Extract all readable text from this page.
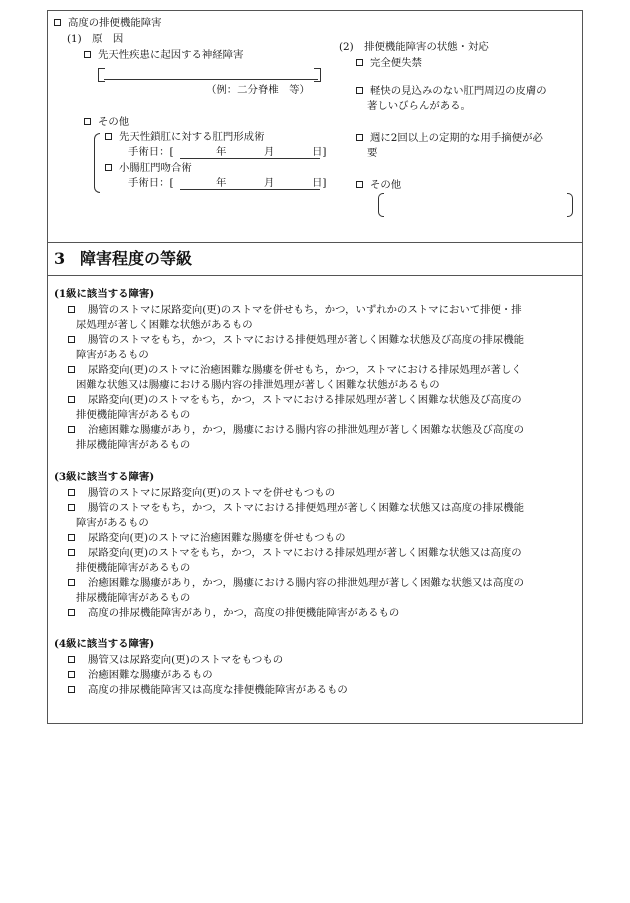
高度の排便機能障害
(1)　原　因
先天性疾患に起因する神経障害
（例：二分脊椎　等）
その他
先天性鎖肛に対する肛門形成術
手術日：[	年	月	日]
小腸肛門吻合術
手術日：[	年	月	日]
(2)　排便機能障害の状態・対応
完全便失禁
軽快の見込みのない肛門周辺の皮膚の
著しいびらんがある。
週に2回以上の定期的な用手摘便が必
要
その他
3 障害程度の等級
(1級に該当する障害)
腸管のストマに尿路変向(更)のストマを併せもち，かつ，いずれかのストマにおいて排便・排
尿処理が著しく困難な状態があるもの
腸管のストマをもち，かつ，ストマにおける排便処理が著しく困難な状態及び高度の排尿機能
障害があるもの
尿路変向(更)のストマに治癒困難な腸瘻を併せもち，かつ，ストマにおける排尿処理が著しく
困難な状態又は腸瘻における腸内容の排泄処理が著しく困難な状態があるもの
尿路変向(更)のストマをもち，かつ，ストマにおける排尿処理が著しく困難な状態及び高度の
排便機能障害があるもの
治癒困難な腸瘻があり，かつ，腸瘻における腸内容の排泄処理が著しく困難な状態及び高度の
排尿機能障害があるもの
(3級に該当する障害)
腸管のストマに尿路変向(更)のストマを併せもつもの
腸管のストマをもち，かつ，ストマにおける排便処理が著しく困難な状態又は高度の排尿機能
障害があるもの
尿路変向(更)のストマに治癒困難な腸瘻を併せもつもの
尿路変向(更)のストマをもち，かつ，ストマにおける排尿処理が著しく困難な状態又は高度の
排便機能障害があるもの
治癒困難な腸瘻があり，かつ，腸瘻における腸内容の排泄処理が著しく困難な状態又は高度の
排尿機能障害があるもの
高度の排尿機能障害があり，かつ，高度の排便機能障害があるもの
(4級に該当する障害)
腸管又は尿路変向(更)のストマをもつもの
治癒困難な腸瘻があるもの
高度の排尿機能障害又は高度な排便機能障害があるもの
